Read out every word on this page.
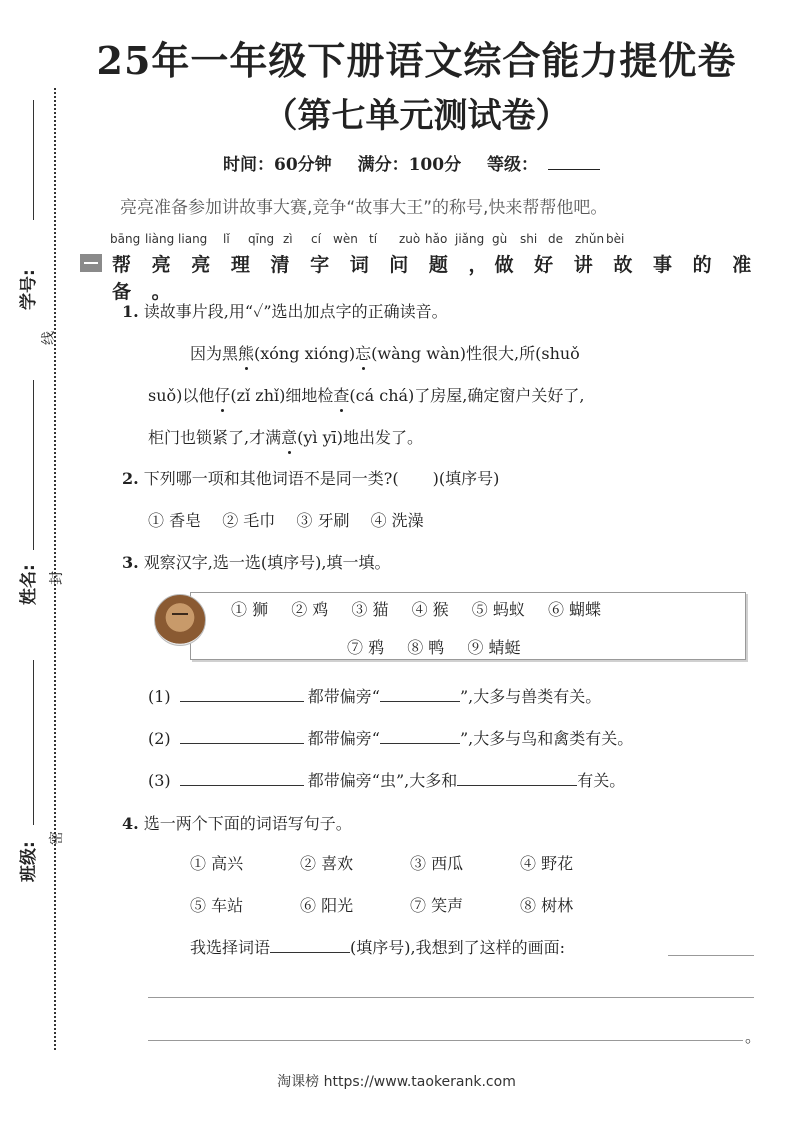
学号:
线
姓名: 封
班级:
密
25年一年级下册语文综合能力提优卷
（第七单元测试卷）
时间：60分钟 满分：100分 等级：
亮亮准备参加讲故事大赛,竞争“故事大王”的称号,快来帮帮他吧。
bāng liàng liang lǐ qīng zì cí wèn tí zuò hǎo jiǎng gù shi de zhǔn bèi
帮 亮 亮 理 清 字 词 问 题 ，做 好 讲 故 事 的 准 备 。
1. 读故事片段,用“✓”选出加点字的正确读音。
因为黑熊(xóng xióng)忘(wàng wàn)性很大,所(shuǒ
suǒ)以他仔(zǐ zhǐ)细地检查(cá chá)了房屋,确定窗户关好了,
柜门也锁紧了,才满意(yì yī)地出发了。
2. 下列哪一项和其他词语不是同一类?( )(填序号)
① 香皂 ② 毛巾 ③ 牙刷 ④ 洗澡
3. 观察汉字,选一选(填序号),填一填。
① 狮 ② 鸡 ③ 猫 ④ 猴 ⑤ 蚂蚁 ⑥ 蝴蝶
⑦ 鸦 ⑧ 鸭 ⑨ 蜻蜓
(1)	都带偏旁“	”,大多与兽类有关。
(2)	都带偏旁“	”,大多与鸟和禽类有关。
(3)	都带偏旁“虫”,大多和	有关。
4. 选一两个下面的词语写句子。
① 高兴	② 喜欢	③ 西瓜	④ 野花
⑤ 车站	⑥ 阳光	⑦ 笑声	⑧ 树林
我选择词语	(填序号),我想到了这样的画面:
。
淘课榜 https://www.taokerank.com
